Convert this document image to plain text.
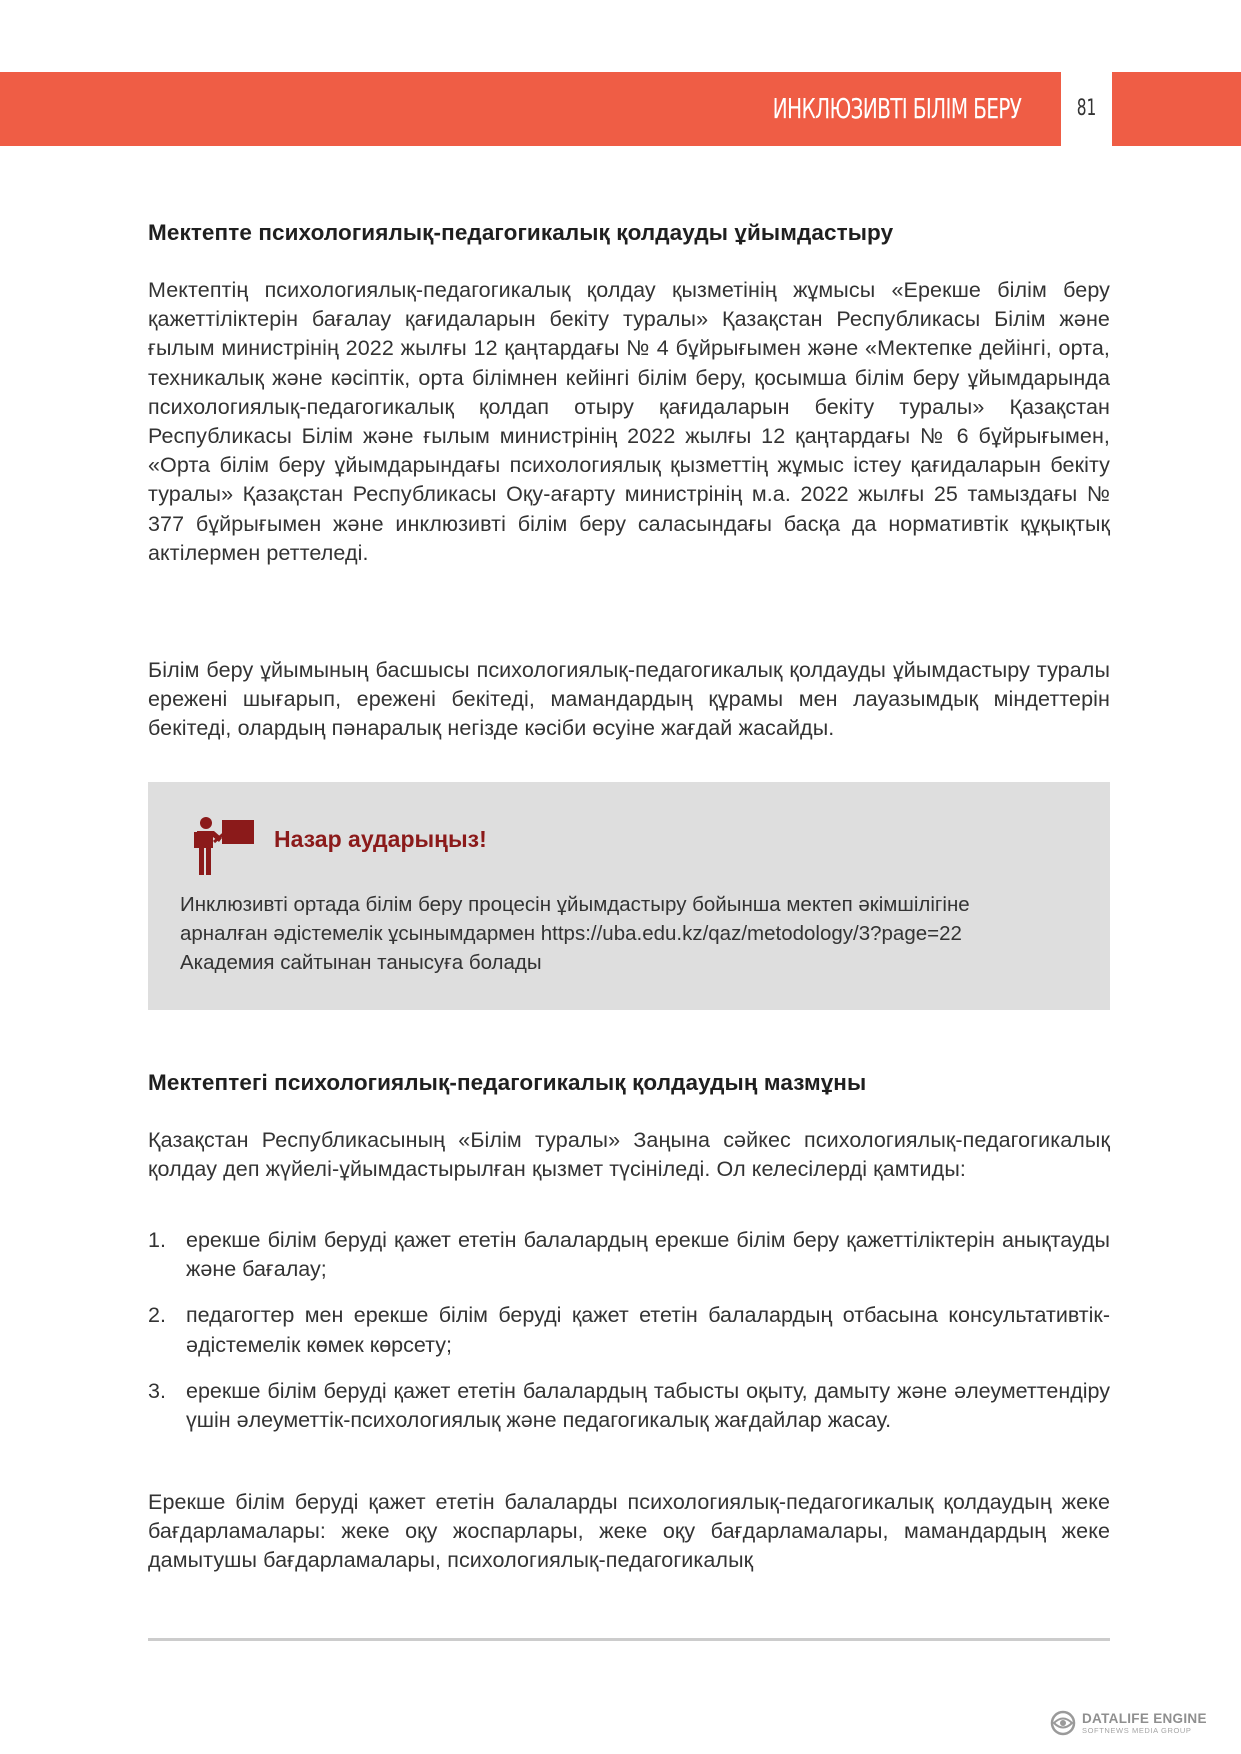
ИНКЛЮЗИВТІ БІЛІМ БЕРУ	81
Мектепте психологиялық-педагогикалық қолдауды ұйымдастыру

Мектептің психологиялық-педагогикалық қолдау қызметінің жұмысы «Ерекше білім беру қажеттіліктерін бағалау қағидаларын бекіту туралы» Қазақстан Республикасы Білім және ғылым министрінің 2022 жылғы 12 қаңтардағы № 4 бұйрығымен және «Мектепке дейінгі, орта, техникалық және кәсіптік, орта білімнен кейінгі білім беру, қосымша білім беру ұйымдарында психологиялық-педагогикалық қолдап отыру қағидаларын бекіту туралы» Қазақстан Республикасы Білім және ғылым министрінің 2022 жылғы 12 қаңтардағы № 6 бұйрығымен, «Орта білім беру ұйымдарындағы психологиялық қызметтің жұмыс істеу қағидаларын бекіту туралы» Қазақстан Республикасы Оқу-ағарту министрінің м.а. 2022 жылғы 25 тамыздағы № 377 бұйрығымен және инклюзивті білім беру саласындағы басқа да нормативтік құқықтық актілермен реттеледі.

Білім беру ұйымының басшысы психологиялық-педагогикалық қолдауды ұйымдастыру туралы ережені шығарып, ережені бекітеді, мамандардың құрамы мен лауазымдық міндеттерін бекітеді, олардың пәнаралық негізде кәсіби өсуіне жағдай жасайды.

Назар аударыңыз!

Инклюзивті ортада білім беру процесін ұйымдастыру бойынша мектеп әкімшілігіне
арналған әдістемелік ұсынымдармен https://uba.edu.kz/qaz/metodology/3?page=22
Академия сайтынан танысуға болады

Мектептегі психологиялық-педагогикалық қолдаудың мазмұны

Қазақстан Республикасының «Білім туралы» Заңына сәйкес психологиялық-педагогикалық қолдау деп жүйелі-ұйымдастырылған қызмет түсініледі. Ол келесілерді қамтиды:

1. ерекше білім беруді қажет ететін балалардың ерекше білім беру қажеттіліктерін анықтауды және бағалау;
2. педагогтер мен ерекше білім беруді қажет ететін балалардың отбасына консультативтік-әдістемелік көмек көрсету;
3. ерекше білім беруді қажет ететін балалардың табысты оқыту, дамыту және әлеуметтендіру үшін әлеуметтік-психологиялық және педагогикалық жағдайлар жасау.

Ерекше білім беруді қажет ететін балаларды психологиялық-педагогикалық қолдаудың жеке бағдарламалары: жеке оқу жоспарлары, жеке оқу бағдарламалары, мамандардың жеке дамытушы бағдарламалары, психологиялық-педагогикалық

DATALIFE ENGINE
SOFTNEWS MEDIA GROUP
